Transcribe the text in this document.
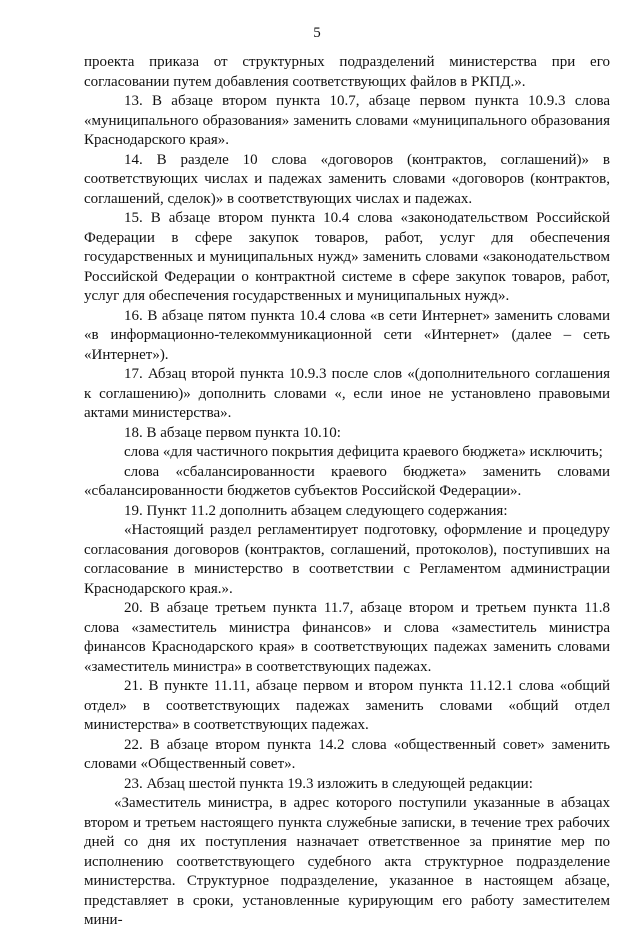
5

проекта приказа от структурных подразделений министерства при его согласовании путем добавления соответствующих файлов в РКПД.».

13. В абзаце втором пункта 10.7, абзаце первом пункта 10.9.3 слова «муниципального образования» заменить словами «муниципального образования Краснодарского края».

14. В разделе 10 слова «договоров (контрактов, соглашений)» в соответствующих числах и падежах заменить словами «договоров (контрактов, соглашений, сделок)» в соответствующих числах и падежах.

15. В абзаце втором пункта 10.4 слова «законодательством Российской Федерации в сфере закупок товаров, работ, услуг для обеспечения государственных и муниципальных нужд» заменить словами «законодательством Российской Федерации о контрактной системе в сфере закупок товаров, работ, услуг для обеспечения государственных и муниципальных нужд».

16. В абзаце пятом пункта 10.4 слова «в сети Интернет» заменить словами «в информационно-телекоммуникационной сети «Интернет» (далее – сеть «Интернет»).

17. Абзац второй пункта 10.9.3 после слов «(дополнительного соглашения к соглашению)» дополнить словами «, если иное не установлено правовыми актами министерства».

18. В абзаце первом пункта 10.10:

слова «для частичного покрытия дефицита краевого бюджета» исключить;

слова «сбалансированности краевого бюджета» заменить словами «сбалансированности бюджетов субъектов Российской Федерации».

19. Пункт 11.2 дополнить абзацем следующего содержания:

«Настоящий раздел регламентирует подготовку, оформление и процедуру согласования договоров (контрактов, соглашений, протоколов), поступивших на согласование в министерство в соответствии с Регламентом администрации Краснодарского края.».

20. В абзаце третьем пункта 11.7, абзаце втором и третьем пункта 11.8 слова «заместитель министра финансов» и слова «заместитель министра финансов Краснодарского края» в соответствующих падежах заменить словами «заместитель министра» в соответствующих падежах.

21. В пункте 11.11, абзаце первом и втором пункта 11.12.1 слова «общий отдел» в соответствующих падежах заменить словами «общий отдел министерства» в соответствующих падежах.

22. В абзаце втором пункта 14.2 слова «общественный совет» заменить словами «Общественный совет».

23. Абзац шестой пункта 19.3 изложить в следующей редакции:

«Заместитель министра, в адрес которого поступили указанные в абзацах втором и третьем настоящего пункта служебные записки, в течение трех рабочих дней со дня их поступления назначает ответственное за принятие мер по исполнению соответствующего судебного акта структурное подразделение министерства. Структурное подразделение, указанное в настоящем абзаце, представляет в сроки, установленные курирующим его работу заместителем мини-
